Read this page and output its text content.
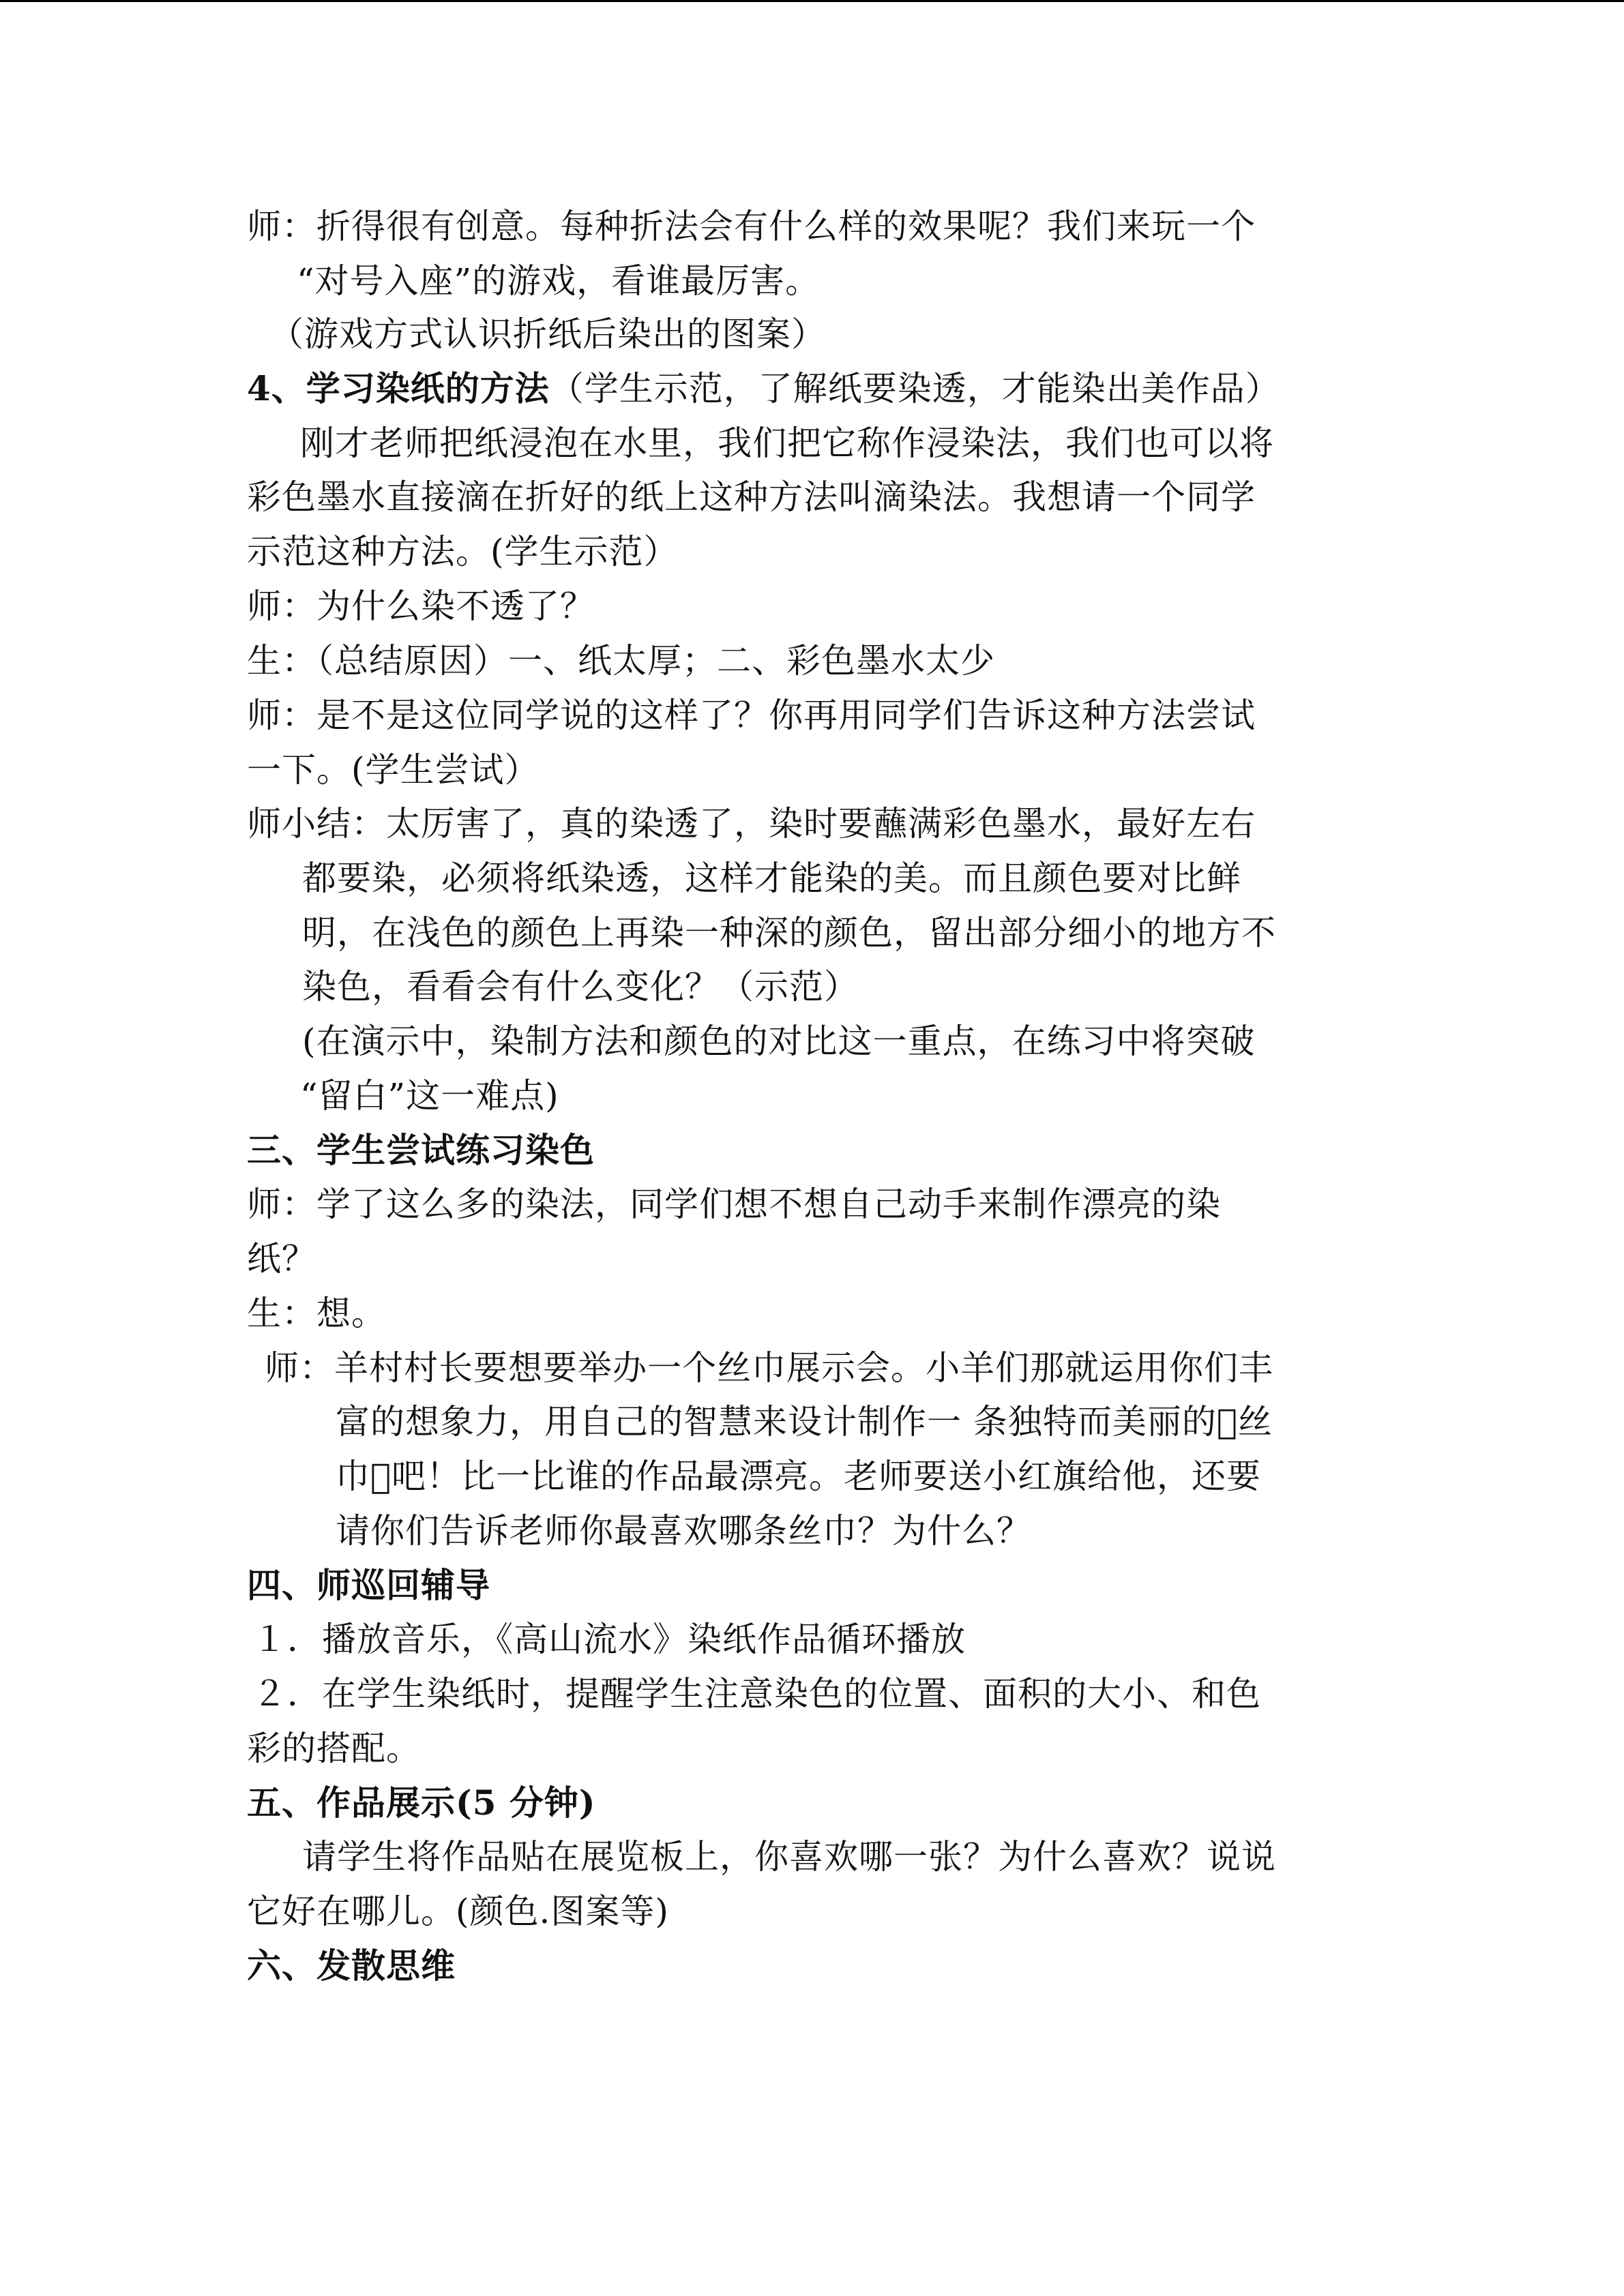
师：折得很有创意。每种折法会有什么样的效果呢？我们来玩一个
“对号入座”的游戏，看谁最厉害。
（游戏方式认识折纸后染出的图案）
4、学习染纸的方法（学生示范，了解纸要染透，才能染出美作品）
刚才老师把纸浸泡在水里，我们把它称作浸染法，我们也可以将
彩色墨水直接滴在折好的纸上这种方法叫滴染法。我想请一个同学
示范这种方法。(学生示范）
师：为什么染不透了？
生：（总结原因）一、纸太厚；二、彩色墨水太少
师：是不是这位同学说的这样了？你再用同学们告诉这种方法尝试
一下。(学生尝试）
师小结：太厉害了，真的染透了，染时要蘸满彩色墨水，最好左右
都要染，必须将纸染透，这样才能染的美。而且颜色要对比鲜
明，在浅色的颜色上再染一种深的颜色，留出部分细小的地方不
染色，看看会有什么变化？（示范）
(在演示中，染制方法和颜色的对比这一重点，在练习中将突破
“留白”这一难点)
三、学生尝试练习染色
师：学了这么多的染法，同学们想不想自己动手来制作漂亮的染
纸？
生：想。
师：羊村村长要想要举办一个丝巾展示会。小羊们那就运用你们丰
富的想象力，用自己的智慧来设计制作一 条独特而美丽的 丝
巾 吧！比一比谁的作品最漂亮。老师要送小红旗给他，还要
请你们告诉老师你最喜欢哪条丝巾？为什么？
四、师巡回辅导
１．播放音乐，《高山流水》染纸作品循环播放
２．在学生染纸时，提醒学生注意染色的位置、面积的大小、和色
彩的搭配。
五、作品展示(5 分钟)
请学生将作品贴在展览板上，你喜欢哪一张？为什么喜欢？说说
它好在哪儿。(颜色.图案等)
六、发散思维
